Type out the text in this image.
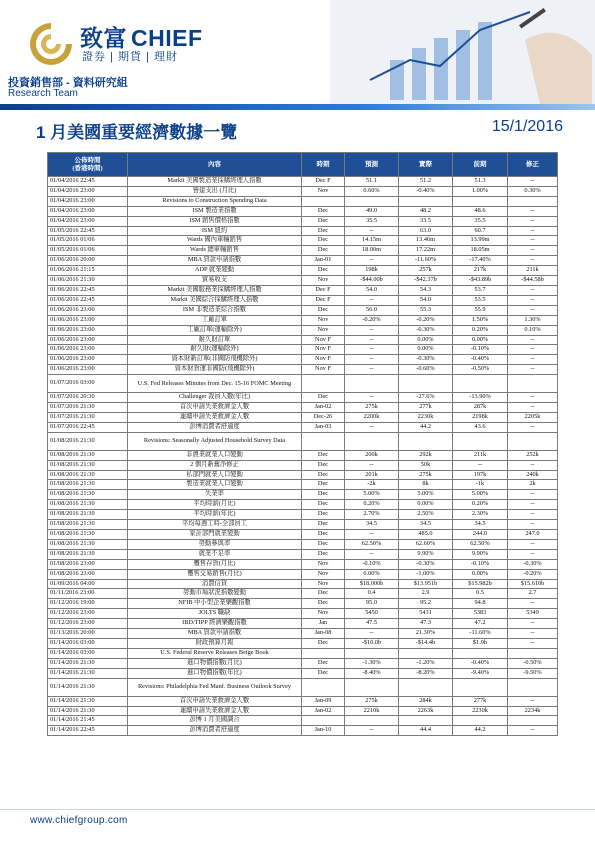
致富 CHIEF
證券 | 期貨 | 理財
投資銷售部 - 資料研究組
Research Team
1 月美國重要經濟數據一覽	15/1/2016
公佈時間
(香港時間)	內容	時期	預測	實際	前期	修正
01/04/2016 22:45	Markit 美國製造業採購經理人指數	Dec F	51.1	51.2	51.3	--
01/04/2016 23:00	營建支出 (月比)	Nov	0.60%	-0.40%	1.00%	0.30%
01/04/2016 23:00	Revisions to Construction Spending Data					
01/04/2016 23:00	ISM 製造業指數	Dec	49.0	48.2	48.6	--
01/04/2016 23:00	ISM 銷售價格指數	Dec	35.5	33.5	35.5	--
01/05/2016 22:45	ISM 紐約	Dec	--	63.0	60.7	--
01/05/2016 01/06	Wards 國內車輛銷售	Dec	14.15m	13.46m	13.99m	--
01/05/2016 01/06	Wards 總車輛銷售	Dec	18.00m	17.22m	18.05m	--
01/06/2016 20:00	MBA 貸款申請指數	Jan-01	--	-11.60%	-17.40%	--
01/06/2016 21:15	ADP 就業變動	Dec	198k	257k	217k	211k
01/06/2016 21:30	貿易收支	Nov	-$44.00b	-$42.37b	-$43.89b	-$44.58b
01/06/2016 22:45	Markit 美國服務業採購經理人指數	Dec F	54.0	54.3	53.7	--
01/06/2016 22:45	Markit 美國綜合採購經理人指數	Dec F	--	54.0	53.5	--
01/06/2016 23:00	ISM 非製造業綜合指數	Dec	56.0	55.3	55.9	--
01/06/2016 23:00	工廠訂單	Nov	-0.20%	-0.20%	1.50%	1.30%
01/06/2016 23:00	工廠訂單(運輸除外)	Nov	--	-0.30%	0.20%	0.10%
01/06/2016 23:00	耐久財訂單	Nov F	--	0.00%	0.00%	--
01/06/2016 23:00	耐久財(運輸除外)	Nov F	--	0.00%	-0.10%	--
01/06/2016 23:00	資本財新訂單(非國防飛機除外)	Nov F	--	-0.30%	-0.40%	--
01/06/2016 23:00	資本財貨運非國防(飛機除外)	Nov F	--	-0.60%	-0.50%	--
01/07/2016 03:00	U.S. Fed Releases Minutes from Dec. 15-16 FOMC Meeting					
01/07/2016 20:30	Challenger 裁員人數(年比)	Dec	--	-27.6%	-13.90%	--
01/07/2016 21:30	首次申請失業救濟金人數	Jan-02	275k	277k	287k	--
01/07/2016 21:30	連續申請失業救濟金人數	Dec-26	2200k	2230k	2198k	2205k
01/07/2016 22:45	彭博消費者舒適度	Jan-03	--	44.2	43.6	--
01/08/2016 21:30	Revisions: Seasonally Adjusted Household Survey Data					
01/08/2016 21:30	非農業就業人口變動	Dec	200k	292k	211k	252k
01/08/2016 21:30	2 個月新舊淨修正	Dec	--	50k	--	--
01/08/2016 21:30	私部門就業人口變動	Dec	201k	275k	197k	240k
01/08/2016 21:30	製造業就業人口變動	Dec	-2k	8k	-1k	2k
01/08/2016 21:30	失業率	Dec	5.00%	5.00%	5.00%	--
01/08/2016 21:30	平均時薪(月比)	Dec	0.20%	0.00%	0.20%	--
01/08/2016 21:30	平均時薪(年比)	Dec	2.70%	2.50%	2.30%	--
01/08/2016 21:30	平均每週工時-全部員工	Dec	34.5	34.5	34.5	--
01/08/2016 21:30	家計部門就業變動	Dec	--	485.0	244.0	247.0
01/08/2016 21:30	勞動參與率	Dec	62.50%	62.60%	62.50%	--
01/08/2016 21:30	就業不足率	Dec	--	9.90%	9.90%	--
01/08/2016 23:00	躉售存貨(月比)	Nov	-0.10%	-0.30%	-0.10%	-0.30%
01/08/2016 23:00	躉售交易銷售(月比)	Nov	0.00%	-1.00%	0.00%	-0.20%
01/09/2016 04:00	消費信貸	Nov	$18.000b	$13.951b	$15.982b	$15.610b
01/11/2016 23:00	勞動市場狀況指數變動	Dec	0.4	2.9	0.5	2.7
01/12/2016 19:00	NFIB 中小型企業樂觀指數	Dec	95.0	95.2	94.8	--
01/12/2016 23:00	JOLTS 職缺	Nov	5450	5431	5383	5349
01/12/2016 23:00	IBD/TIPP 經濟樂觀指數	Jan	47.5	47.3	47.2	--
01/13/2016 20:00	MBA 貸款申請指數	Jan-08	--	21.30%	-11.60%	--
01/14/2016 03:00	財政預算月報	Dec	-$10.0b	-$14.4b	$1.9b	--
01/14/2016 03:00	U.S. Federal Reserve Releases Beige Book					
01/14/2016 21:30	進口物價指數(月比)	Dec	-1.30%	-1.20%	-0.40%	-0.50%
01/14/2016 21:30	進口物價指數(年比)	Dec	-8.40%	-8.20%	-9.40%	-9.50%
01/14/2016 21:30	Revisions: Philadelphia Fed Manf. Business Outlook Survey					
01/14/2016 21:30	首次申請失業救濟金人數	Jan-09	275k	284k	277k	--
01/14/2016 21:30	連續申請失業救濟金人數	Jan-02	2210k	2263k	2230k	2234k
01/14/2016 21:45	彭博 1 月美國調合					
01/14/2016 22:45	彭博消費者舒適度	Jan-10	--	44.4	44.2	--
www.chiefgroup.com
